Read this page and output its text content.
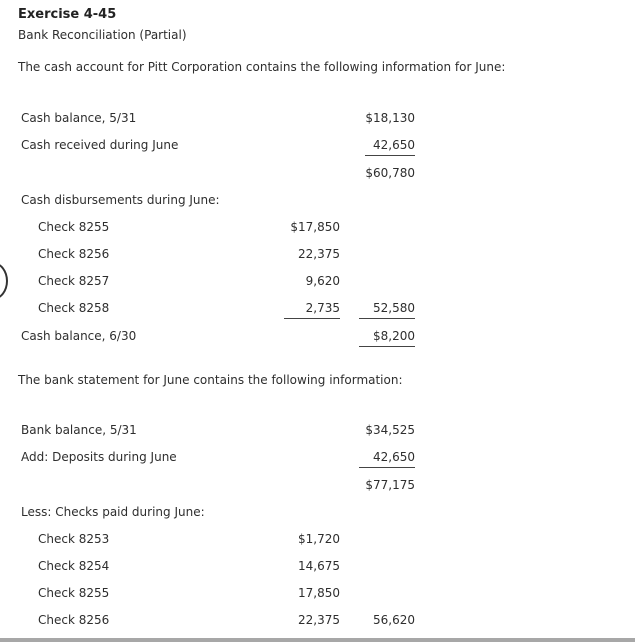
Exercise 4-45
Bank Reconciliation (Partial)
The cash account for Pitt Corporation contains the following information for June:
Cash balance, 5/31	$18,130
Cash received during June	42,650
$60,780
Cash disbursements during June:
Check 8255	$17,850
Check 8256	22,375
Check 8257	9,620
Check 8258	2,735	52,580
Cash balance, 6/30	$8,200
The bank statement for June contains the following information:
Bank balance, 5/31	$34,525
Add: Deposits during June	42,650
$77,175
Less: Checks paid during June:
Check 8253	$1,720
Check 8254	14,675
Check 8255	17,850
Check 8256	22,375	56,620
